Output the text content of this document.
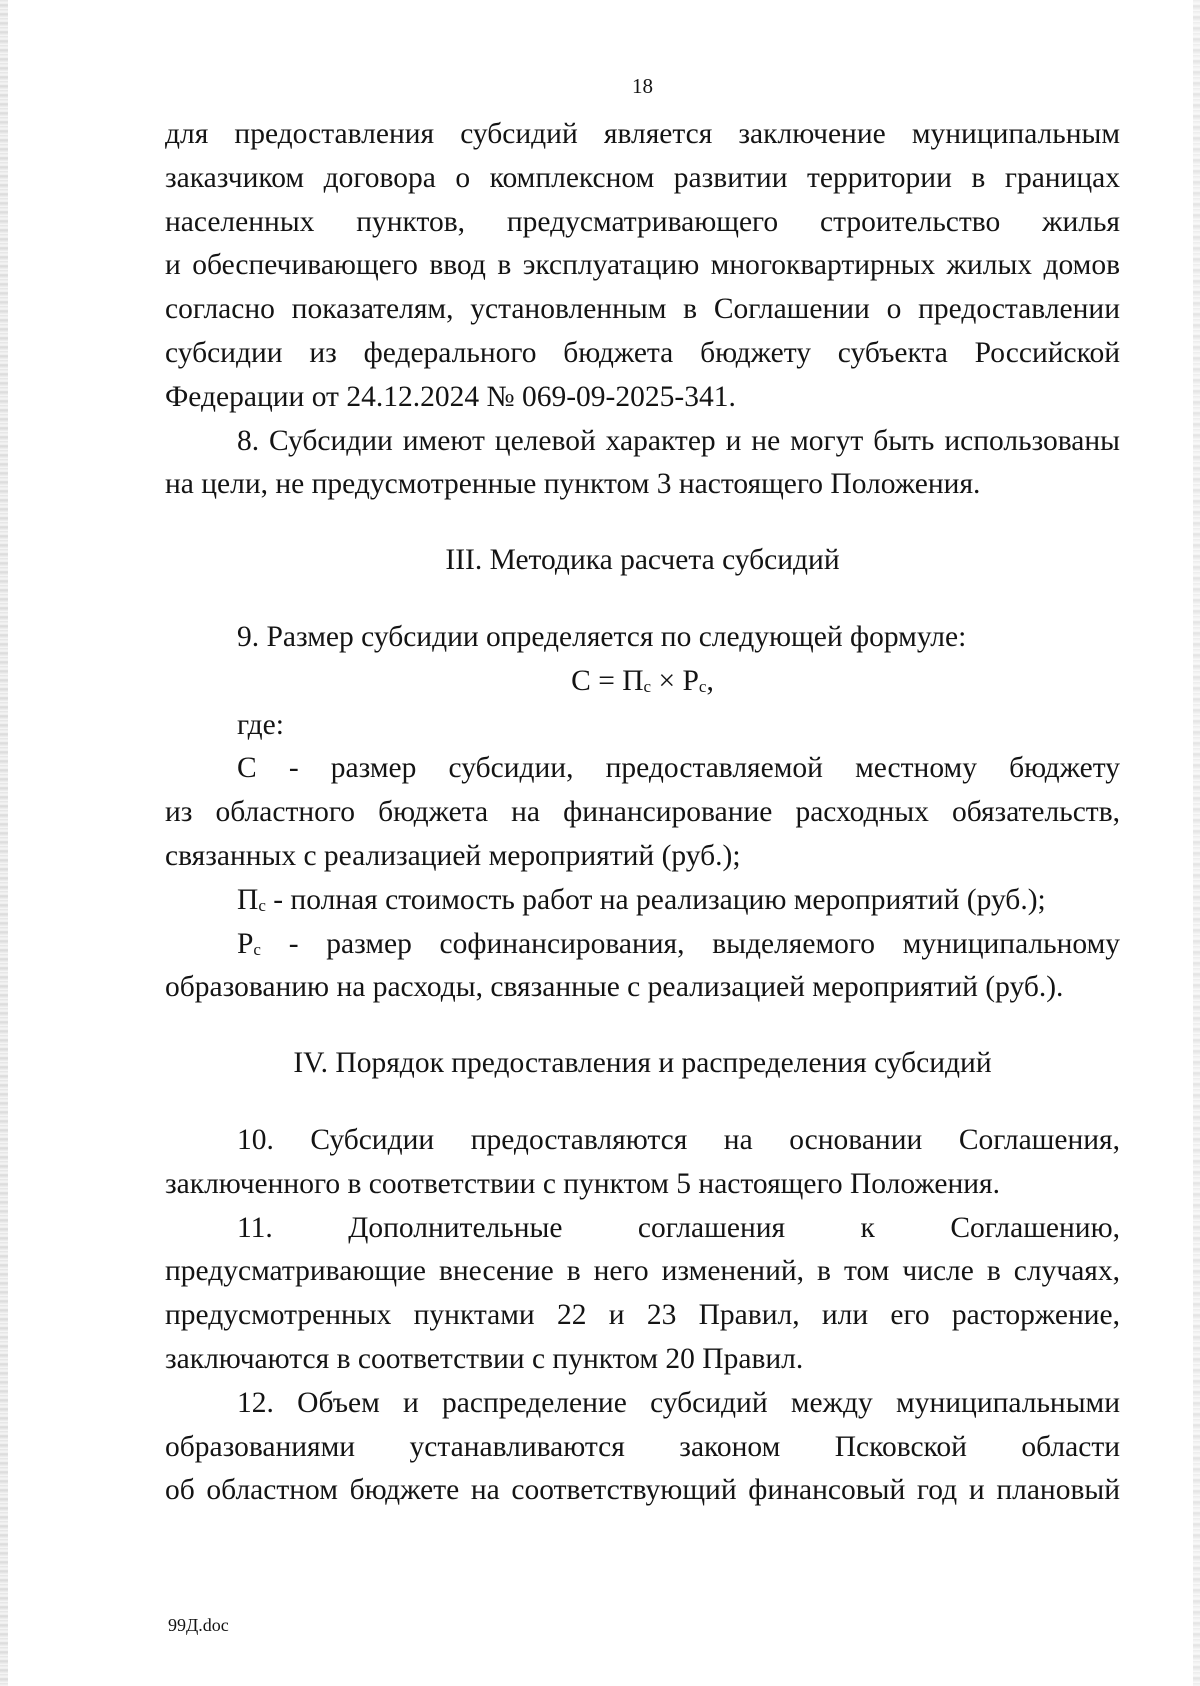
18

для предоставления субсидий является заключение муниципальным

заказчиком договора о комплексном развитии территории в границах

населенных пунктов, предусматривающего строительство жилья

и обеспечивающего ввод в эксплуатацию многоквартирных жилых домов

согласно показателям, установленным в Соглашении о предоставлении

субсидии из федерального бюджета бюджету субъекта Российской

Федерации от 24.12.2024 № 069-09-2025-341.

8. Субсидии имеют целевой характер и не могут быть использованы

на цели, не предусмотренные пунктом 3 настоящего Положения.

III. Методика расчета субсидий

9. Размер субсидии определяется по следующей формуле:

$С = П_с \times Р_с$,

где:

С - размер субсидии, предоставляемой местному бюджету

из областного бюджета на финансирование расходных обязательств,

связанных с реализацией мероприятий (руб.);

$П_с$ - полная стоимость работ на реализацию мероприятий (руб.);

$Р_с$ - размер софинансирования, выделяемого муниципальному

образованию на расходы, связанные с реализацией мероприятий (руб.).

IV. Порядок предоставления и распределения субсидий

10. Субсидии предоставляются на основании Соглашения,

заключенного в соответствии с пунктом 5 настоящего Положения.

11. Дополнительные соглашения к Соглашению,

предусматривающие внесение в него изменений, в том числе в случаях,

предусмотренных пунктами 22 и 23 Правил, или его расторжение,

заключаются в соответствии с пунктом 20 Правил.

12. Объем и распределение субсидий между муниципальными

образованиями устанавливаются законом Псковской области

об областном бюджете на соответствующий финансовый год и плановый

99Д.doc
